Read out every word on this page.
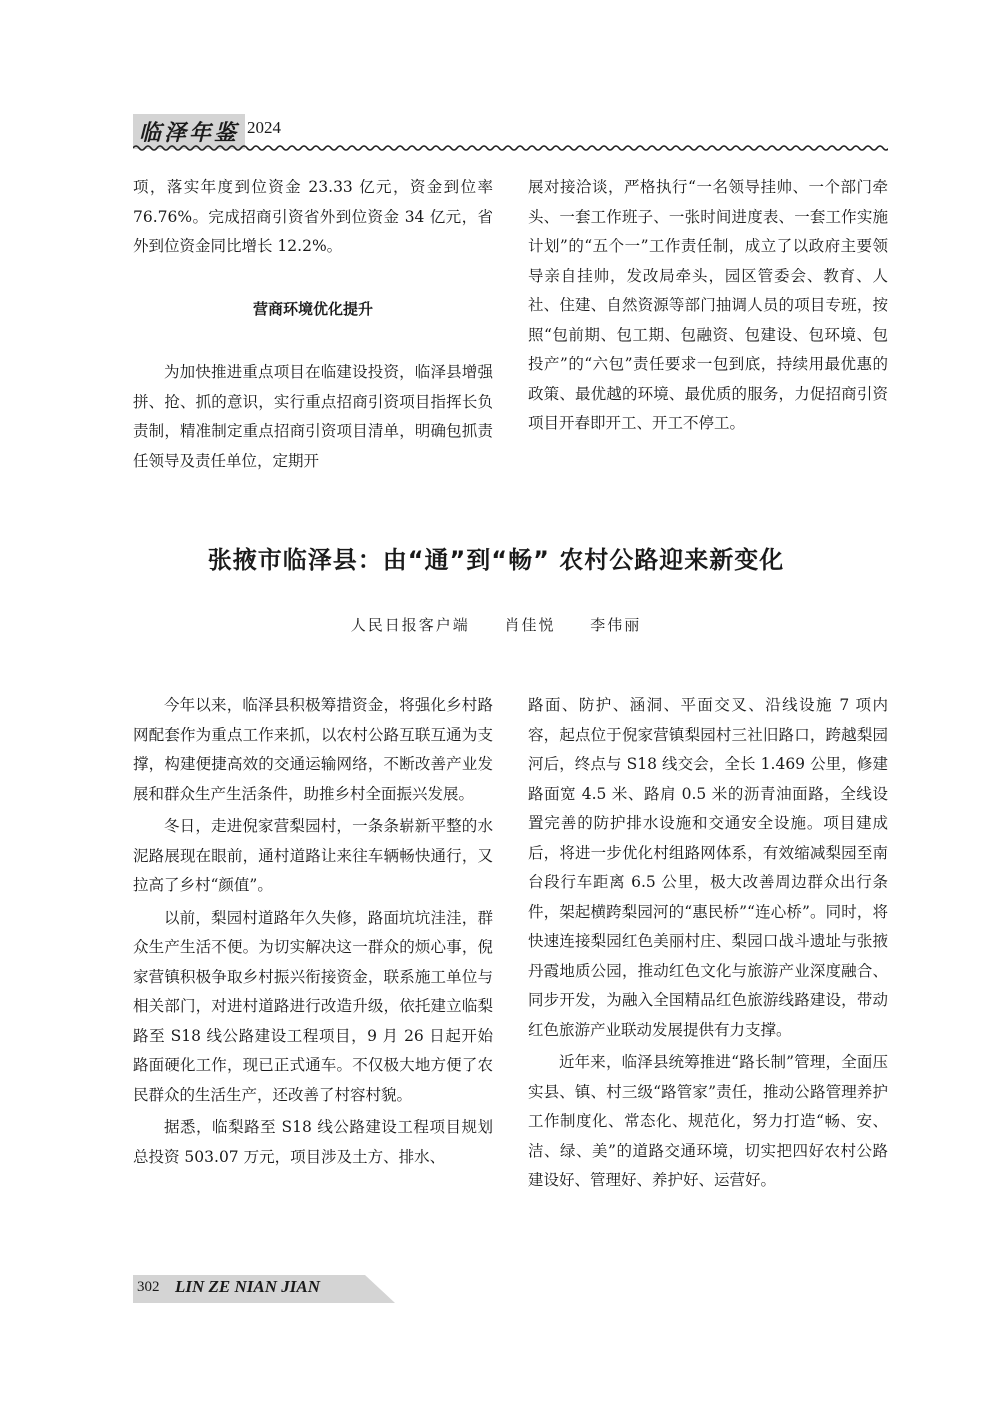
临泽年鉴 2024

项，落实年度到位资金 23.33 亿元，资金到位率 76.76%。完成招商引资省外到位资金 34 亿元，省外到位资金同比增长 12.2%。

营商环境优化提升

为加快推进重点项目在临建设投资，临泽县增强拼、抢、抓的意识，实行重点招商引资项目指挥长负责制，精准制定重点招商引资项目清单，明确包抓责任领导及责任单位，定期开

展对接洽谈，严格执行“一名领导挂帅、一个部门牵头、一套工作班子、一张时间进度表、一套工作实施计划”的“五个一”工作责任制，成立了以政府主要领导亲自挂帅，发改局牵头，园区管委会、教育、人社、住建、自然资源等部门抽调人员的项目专班，按照“包前期、包工期、包融资、包建设、包环境、包投产”的“六包”责任要求一包到底，持续用最优惠的政策、最优越的环境、最优质的服务，力促招商引资项目开春即开工、开工不停工。

张掖市临泽县：由“通”到“畅” 农村公路迎来新变化
人民日报客户端 肖佳悦 李伟丽

今年以来，临泽县积极筹措资金，将强化乡村路网配套作为重点工作来抓，以农村公路互联互通为支撑，构建便捷高效的交通运输网络，不断改善产业发展和群众生产生活条件，助推乡村全面振兴发展。

冬日，走进倪家营梨园村，一条条崭新平整的水泥路展现在眼前，通村道路让来往车辆畅快通行，又拉高了乡村“颜值”。

以前，梨园村道路年久失修，路面坑坑洼洼，群众生产生活不便。为切实解决这一群众的烦心事，倪家营镇积极争取乡村振兴衔接资金，联系施工单位与相关部门，对进村道路进行改造升级，依托建立临梨路至 S18 线公路建设工程项目，9 月 26 日起开始路面硬化工作，现已正式通车。不仅极大地方便了农民群众的生活生产，还改善了村容村貌。

据悉，临梨路至 S18 线公路建设工程项目规划总投资 503.07 万元，项目涉及土方、排水、

路面、防护、涵洞、平面交叉、沿线设施 7 项内容，起点位于倪家营镇梨园村三社旧路口，跨越梨园河后，终点与 S18 线交会，全长 1.469 公里，修建路面宽 4.5 米、路肩 0.5 米的沥青油面路，全线设置完善的防护排水设施和交通安全设施。项目建成后，将进一步优化村组路网体系，有效缩减梨园至南台段行车距离 6.5 公里，极大改善周边群众出行条件，架起横跨梨园河的“惠民桥”“连心桥”。同时，将快速连接梨园红色美丽村庄、梨园口战斗遗址与张掖丹霞地质公园，推动红色文化与旅游产业深度融合、同步开发，为融入全国精品红色旅游线路建设，带动红色旅游产业联动发展提供有力支撑。

近年来，临泽县统筹推进“路长制”管理，全面压实县、镇、村三级“路管家”责任，推动公路管理养护工作制度化、常态化、规范化，努力打造“畅、安、洁、绿、美”的道路交通环境，切实把四好农村公路建设好、管理好、养护好、运营好。

302 LIN ZE NIAN JIAN
